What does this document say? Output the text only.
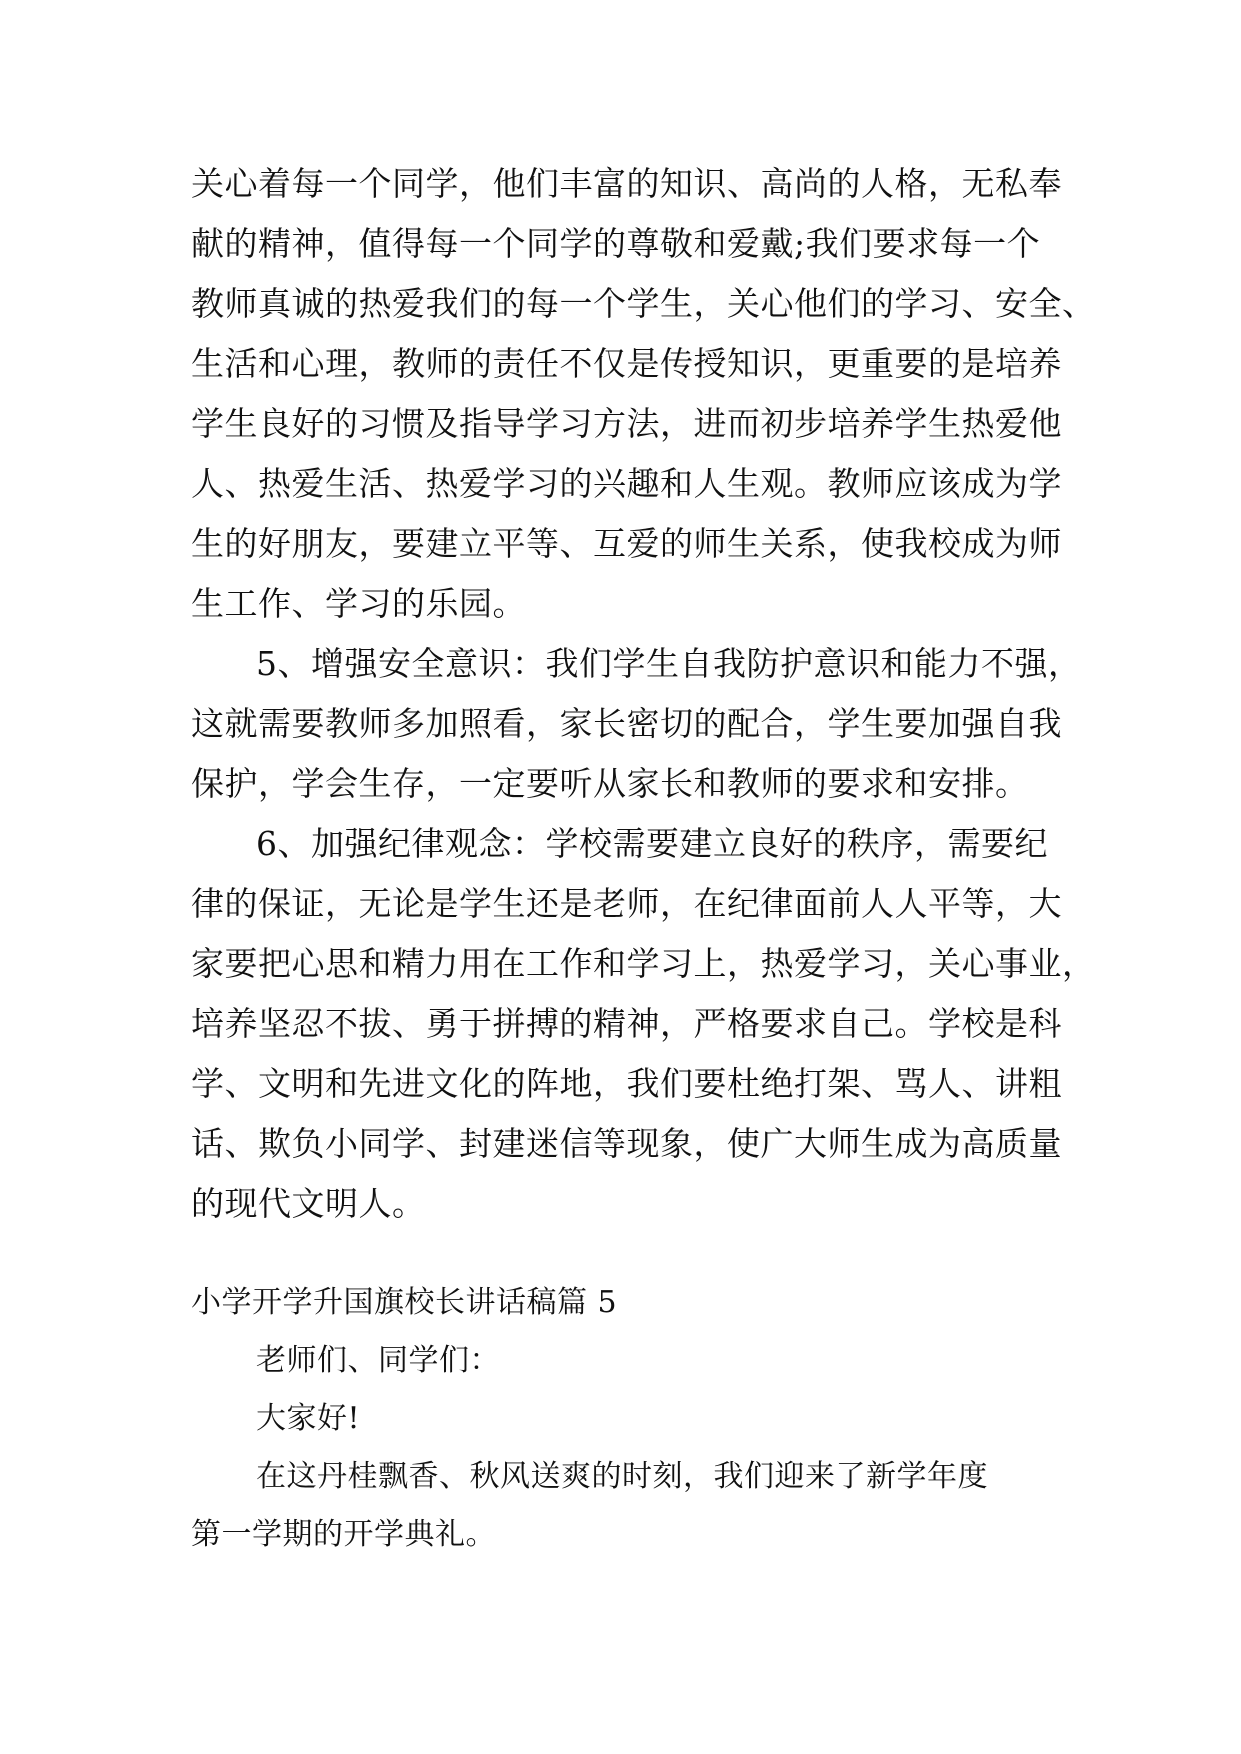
关心着每一个同学，他们丰富的知识、高尚的人格，无私奉
献的精神，值得每一个同学的尊敬和爱戴;我们要求每一个
教师真诚的热爱我们的每一个学生，关心他们的学习、安全、
生活和心理，教师的责任不仅是传授知识，更重要的是培养
学生良好的习惯及指导学习方法，进而初步培养学生热爱他
人、热爱生活、热爱学习的兴趣和人生观。教师应该成为学
生的好朋友，要建立平等、互爱的师生关系，使我校成为师
生工作、学习的乐园。
5、增强安全意识：我们学生自我防护意识和能力不强，
这就需要教师多加照看，家长密切的配合，学生要加强自我
保护，学会生存，一定要听从家长和教师的要求和安排。
6、加强纪律观念：学校需要建立良好的秩序，需要纪
律的保证，无论是学生还是老师，在纪律面前人人平等，大
家要把心思和精力用在工作和学习上，热爱学习，关心事业，
培养坚忍不拔、勇于拼搏的精神，严格要求自己。学校是科
学、文明和先进文化的阵地，我们要杜绝打架、骂人、讲粗
话、欺负小同学、封建迷信等现象，使广大师生成为高质量
的现代文明人。
小学开学升国旗校长讲话稿篇 5
老师们、同学们：
大家好!
在这丹桂飘香、秋风送爽的时刻，我们迎来了新学年度
第一学期的开学典礼。
